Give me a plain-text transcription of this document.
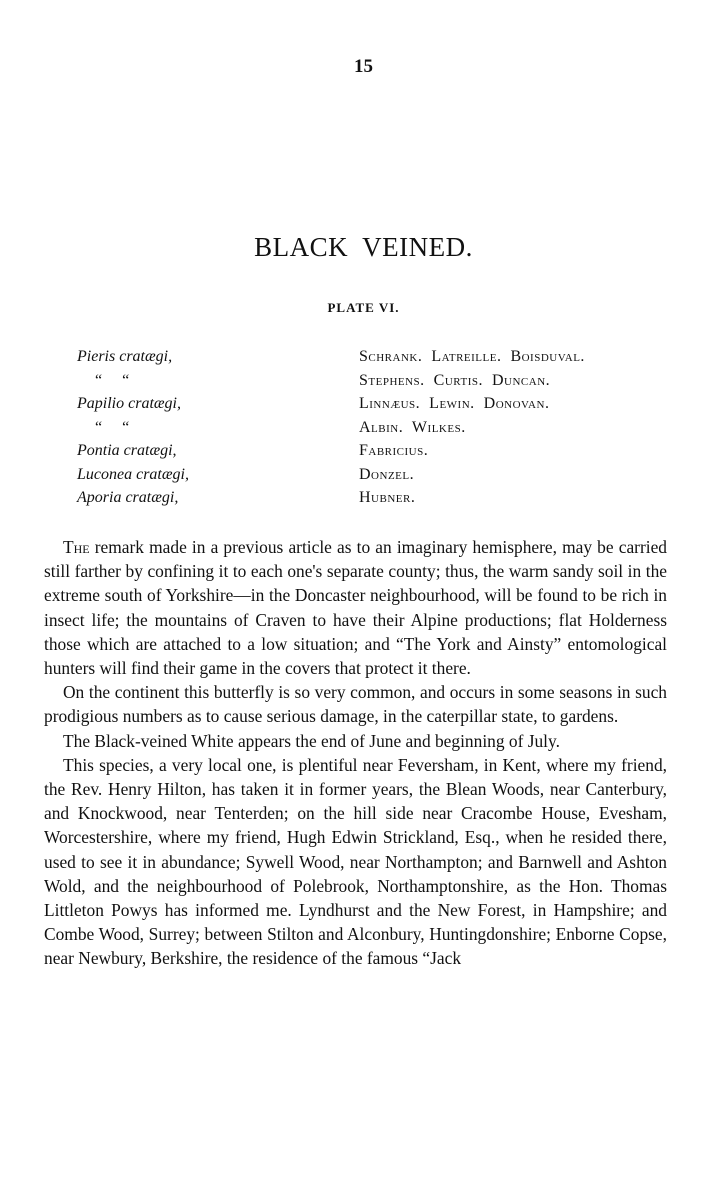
15
BLACK  VEINED.
PLATE VI.
Pieris cratægi,	Schrank.  Latreille.  Boisduval.
“     “	Stephens.  Curtis.  Duncan.
Papilio cratægi,	Linnæus.  Lewin.  Donovan.
“     “	Albin.  Wilkes.
Pontia cratægi,	Fabricius.
Luconea cratægi,	Donzel.
Aporia cratægi,	Hubner.

The remark made in a previous article as to an imaginary hemisphere, may be carried still farther by confining it to each one's separate county; thus, the warm sandy soil in the extreme south of Yorkshire—in the Doncaster neighbourhood, will be found to be rich in insect life; the mountains of Craven to have their Alpine productions; flat Holderness those which are attached to a low situation; and “The York and Ainsty” entomological hunters will find their game in the covers that protect it there.

On the continent this butterfly is so very common, and occurs in some seasons in such prodigious numbers as to cause serious damage, in the caterpillar state, to gardens.

The Black-veined White appears the end of June and beginning of July.

This species, a very local one, is plentiful near Feversham, in Kent, where my friend, the Rev. Henry Hilton, has taken it in former years, the Blean Woods, near Canterbury, and Knockwood, near Tenterden; on the hill side near Cracombe House, Evesham, Worcestershire, where my friend, Hugh Edwin Strickland, Esq., when he resided there, used to see it in abundance; Sywell Wood, near Northampton; and Barnwell and Ashton Wold, and the neighbourhood of Polebrook, Northamptonshire, as the Hon. Thomas Littleton Powys has informed me. Lyndhurst and the New Forest, in Hampshire; and Combe Wood, Surrey; between Stilton and Alconbury, Huntingdonshire; Enborne Copse, near Newbury, Berkshire, the residence of the famous “Jack
